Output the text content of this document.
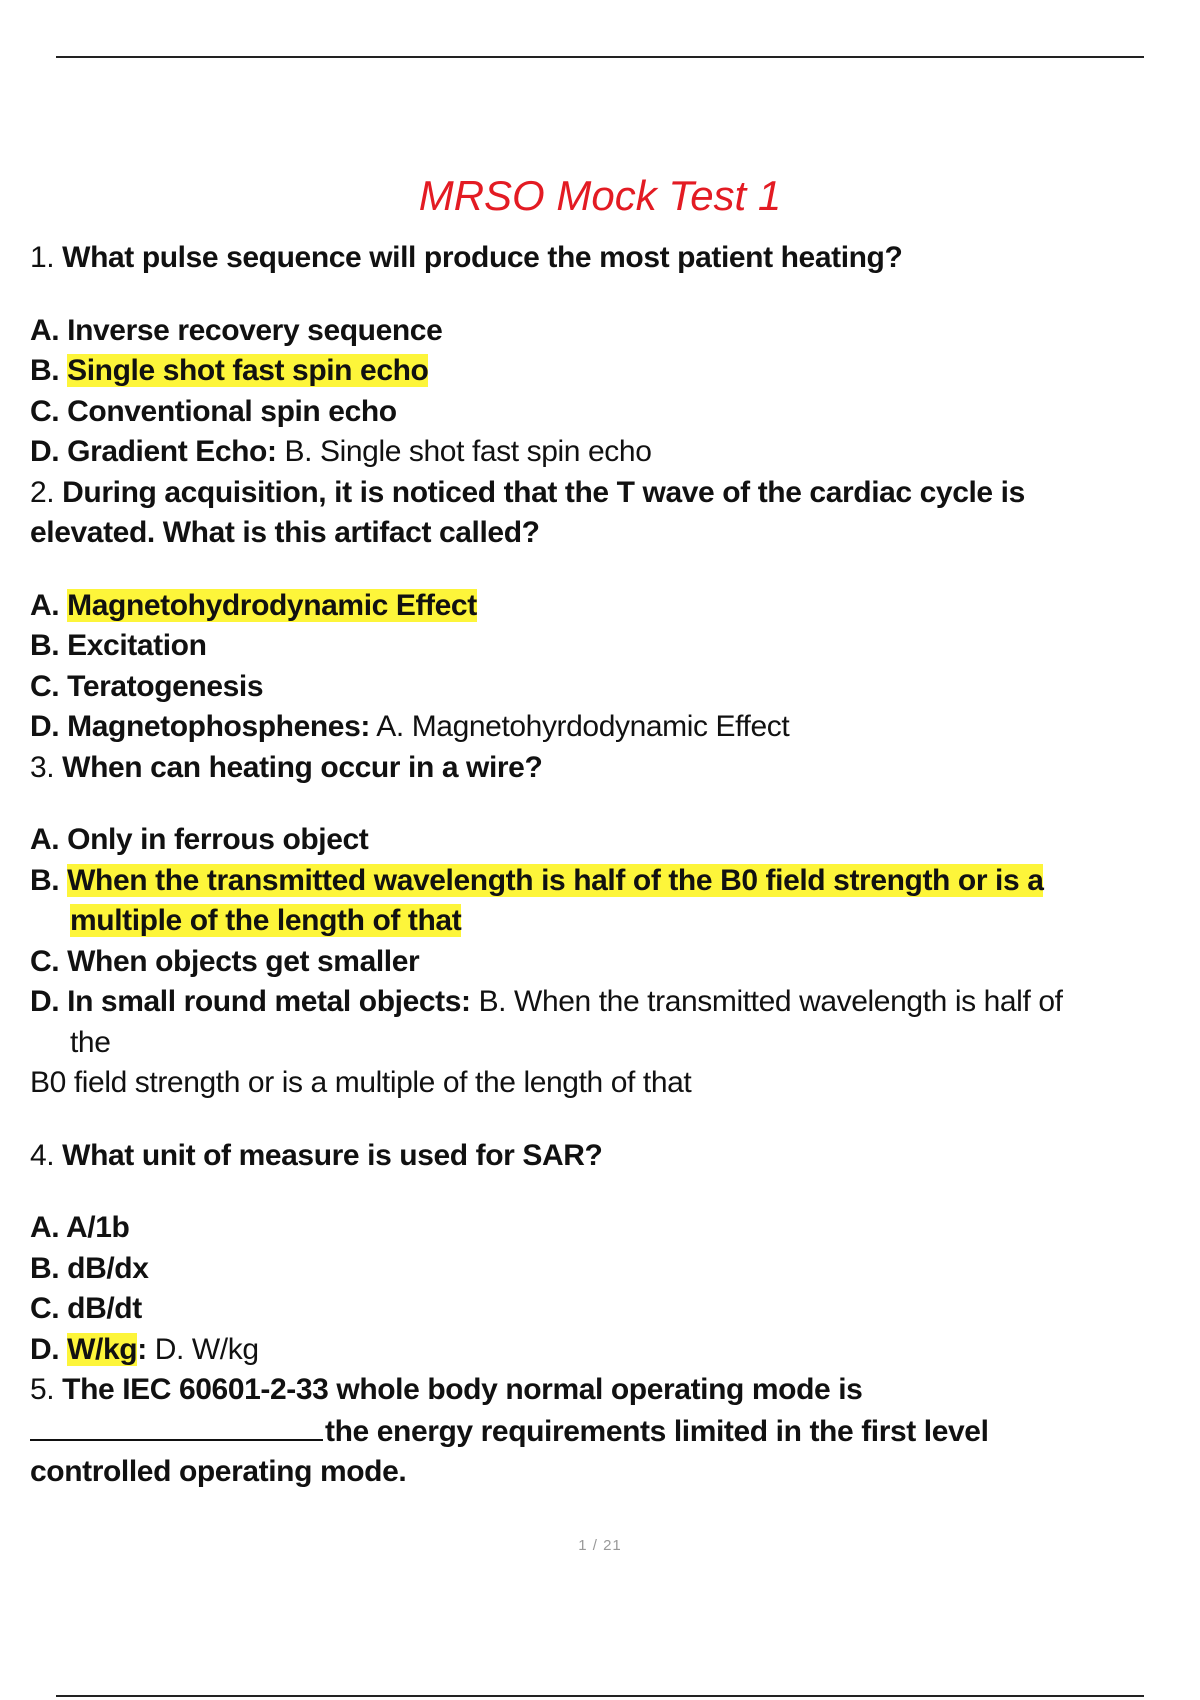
MRSO Mock Test 1
1. What pulse sequence will produce the most patient heating?
A. Inverse recovery sequence
B. Single shot fast spin echo
C. Conventional spin echo
D. Gradient Echo: B. Single shot fast spin echo
2. During acquisition, it is noticed that the T wave of the cardiac cycle is
elevated. What is this artifact called?
A. Magnetohydrodynamic Effect
B. Excitation
C. Teratogenesis
D. Magnetophosphenes: A. Magnetohyrdodynamic Effect
3. When can heating occur in a wire?
A. Only in ferrous object
B. When the transmitted wavelength is half of the B0 field strength or is a
multiple of the length of that
C. When objects get smaller
D. In small round metal objects: B. When the transmitted wavelength is half of
the
B0 field strength or is a multiple of the length of that
4. What unit of measure is used for SAR?
A. A/1b
B. dB/dx
C. dB/dt
D. W/kg: D. W/kg
5. The IEC 60601-2-33 whole body normal operating mode is
the energy requirements limited in the first level
controlled operating mode.
1 / 21
